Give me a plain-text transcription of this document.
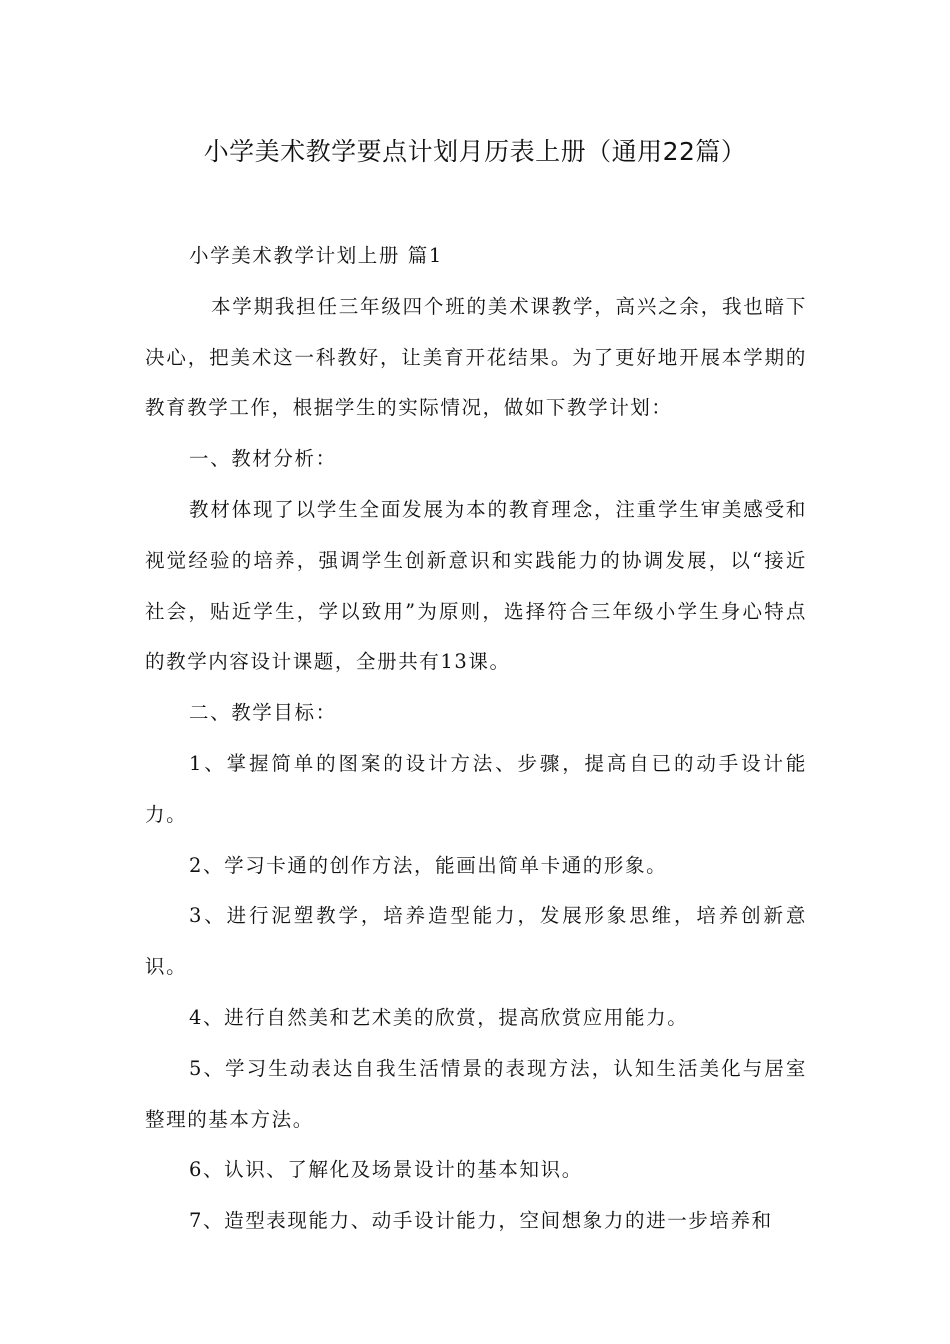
小学美术教学要点计划月历表上册（通用22篇）

小学美术教学计划上册 篇1

本学期我担任三年级四个班的美术课教学，高兴之余，我也暗下决心，把美术这一科教好，让美育开花结果。为了更好地开展本学期的教育教学工作，根据学生的实际情况，做如下教学计划：

一、教材分析：

教材体现了以学生全面发展为本的教育理念，注重学生审美感受和视觉经验的培养，强调学生创新意识和实践能力的协调发展，以“接近社会，贴近学生，学以致用”为原则，选择符合三年级小学生身心特点的教学内容设计课题，全册共有13课。

二、教学目标：

1、掌握简单的图案的设计方法、步骤，提高自已的动手设计能力。

2、学习卡通的创作方法，能画出简单卡通的形象。

3、进行泥塑教学，培养造型能力，发展形象思维，培养创新意识。

4、进行自然美和艺术美的欣赏，提高欣赏应用能力。

5、学习生动表达自我生活情景的表现方法，认知生活美化与居室整理的基本方法。

6、认识、了解化及场景设计的基本知识。

7、造型表现能力、动手设计能力，空间想象力的进一步培养和
